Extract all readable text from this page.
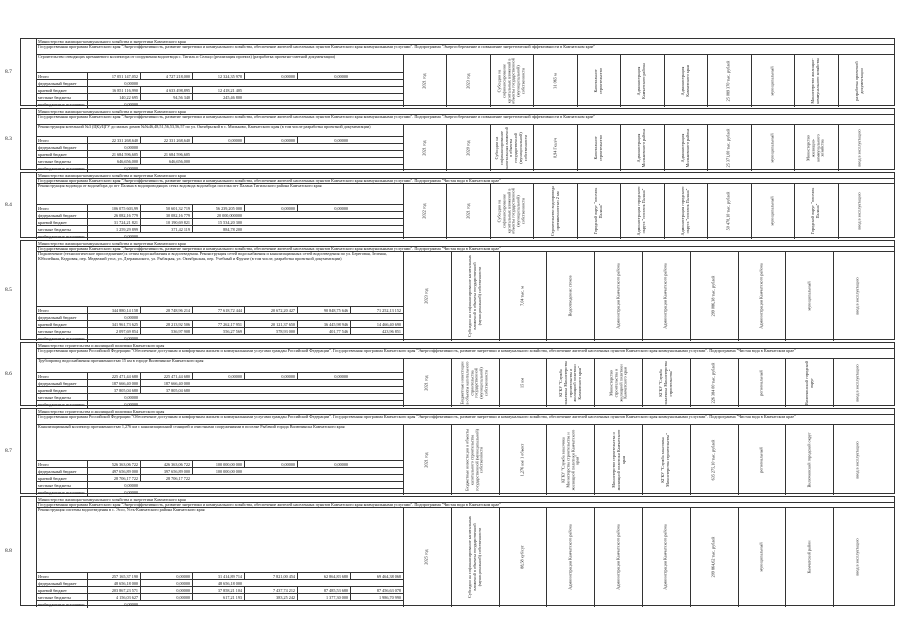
8.7
Министерство жилищно-коммунального хозяйства и энергетики Камчатского края
Государственная программа Камчатского края "Энергоэффективность, развитие энергетики и коммунального хозяйства, обеспечение жителей населенных пунктов Камчатского края коммунальными услугами". Подпрограмма "Энергосбережение и повышение энергетической эффективности в Камчатском крае"
Строительство отводящих кремниевого коллектора от сооружения водоотвода с. Тигиль и Сельцо (реализация проекта) (разработка проектно-сметной документации)
Итого	17 051 147,052	4 727 218,000	12 324,35 978	0,00000	0,00000
федеральный бюджет	0,00000
краевой бюджет	16 851 116,990	4 633 498,895	12 418,21 405
местные бюджеты	140,22 695	94,56 340	245,46 800
внебюджетные источники	0,00000
2021 год	2023 год	Субсидии на софинансирование капитальных вложений в объекты государственной (муниципальной) собственности	31 065 м	Капитальное строительство	Администрация Камчатского района	Администрация Камчатского края	25 089 370 тыс. рублей	муниципальный	Министерство жилищно-коммунального хозяйства	разработка проектной документации
8.3
Министерство жилищно-коммунального хозяйства и энергетики Камчатского края
Государственная программа Камчатского края "Энергоэффективность, развитие энергетики и коммунального хозяйства, обеспечение жителей населенных пунктов Камчатского края коммунальными услугами". Подпрограмма "Энергосбережение и повышение энергетической эффективности в Камчатском крае"
Реконструкция котельной №3 (ЦК)/ЦГУ до малых домов №№46,48,51,56,53,56,57 по ул. Октябрьской в с. Мильково, Камчатского края (в том числе разработка проектной документации)
Итого	22 331 268,640	22 331 268,640	0,00000	0,00000	0,00000
федеральный бюджет	0,00000
краевой бюджет	21 684 596,605	21 684 596,605
местные бюджеты	646,656,000	646,656,000
внебюджетные источники	0,00000
2021 год	2020 год	Субсидии на софинансирование капитальных вложений в объекты государственной (муниципальной) собственности	0,94 Гкал/ч	Капитальное строительство	Администрация Мильковского района	Администрация Мильковского района	25 371,00 тыс. рублей	муниципальный	Министерство жилищно-коммунального хозяйства	ввод в эксплуатацию
8.4
Министерство жилищно-коммунального хозяйства и энергетики Камчатского края
Государственная программа Камчатского края "Энергоэффективность, развитие энергетики и коммунального хозяйства, обеспечение жителей населенных пунктов Камчатского края коммунальными услугами". Подпрограмма "Чистая вода в Камчатском крае"
Реконструкция водовода от водозабора до пгт Палана в водопроводящих сетях водовода водозабора поселка пгт Палана Тигильского района Камчатского края
Итого	106 075 603,99	50 601,32 719	56 239,205 000	0,00000	0,00000
федеральный бюджет	26 082,16 779	30 082,16 779	20 000,000000
краевой бюджет	31 724,21 821	10 190,69 821	15 534,20 300
местные бюджеты	1 259,29 899	371,42 119	884,78 200
внебюджетные источники	0,00000
2022 год	2021 год	Субсидии на софинансирование капитальных вложений в объекты государственной (муниципальной) собственности	Строительство водопровода протяженностью 2 км	Городской округ "поселок Палана"	Администрация городского округа "поселок Палана"	Администрация городского округа "поселок Палана"	50 470,10 тыс. рублей	муниципальный	Городской округ "поселок Палана"	ввод в эксплуатацию
8.5
Министерство жилищно-коммунального хозяйства и энергетики Камчатского края
Государственная программа Камчатского края "Энергоэффективность, развитие энергетики и коммунального хозяйства, обеспечение жителей населенных пунктов Камчатского края коммунальными услугами". Подпрограмма "Чистая вода в Камчатском крае"
Подключение (технологическое присоединение) к сетям водоснабжения и водоотведения. Реконструкция сетей водоснабжения и канализационных сетей водоотведения по ул. Береговая, Зеленая, Юбилейная, Кедровая, пер. Медвежий угол, ул. Дзержинского, ул. Рыбацкая, ул. Октябрьская, пер. Учебный и Фрунзе (в том числе, разработка проектной документации)
Итого	344 880,14 158	28 748,96 214	77 618,72 444	20 672,20 427	90 848,75 646	71 252,13 152
федеральный бюджет	0,00000
краевой бюджет	341 961,73 625	28 213,92 506	77 262,17 951	20 121,37 650	36 445,98 946	14 466,40 690
местные бюджеты	2 097,69 854	536,97 908	556,27 569	578,93 000	401,77 546	423,96 851
внебюджетные источники	0,00000
2023 год	Субсидии на софинансирование капитальных вложений в объекты государственной (муниципальной) собственности	7,04 тыс. м	Водоотведения: стоков	Администрация Камчатского района	Администрация Камчатского района	299 086,38 тыс. рублей	Администрация Камчатского района	муниципальный	ввод в эксплуатацию
8.6
Министерство строительства и жилищной политики Камчатского края
Государственная программа Российской Федерации "Обеспечение доступным и комфортным жильем и коммунальными услугами граждан Российской Федерации". Государственная программа Камчатского края "Энергоэффективность, развитие энергетики и коммунального хозяйства, обеспечение жителей населенных пунктов Камчатского края коммунальными услугами". Подпрограмма "Чистая вода в Камчатском крае"
Трубопровод водоснабжения протяженностью 15 км в городе Вилючинске Камчатского края
Итого	225 471,44 680	225 471,44 680	0,00000	0,00000	0,00000
федеральный бюджет	187 666,40 000	187 666,40 000
краевой бюджет	37 805,04 680	37 805,04 680
местные бюджеты	0,00000
внебюджетные источники	0,00000
2021 год	Бюджетные инвестиции в объекты капитального строительства государственной (муниципальной) собственности	15 км	КГКУ "Служба заказчика Министерства строительства и жилищной политики Камчатского края"	Министерство строительства и жилищной политики Камчатского края	КГКУ "Служба заказчика Министерства строительства"	226 384 00 тыс. рублей	региональный	Вилючинский городской округ	ввод в эксплуатацию
8.7
Министерство строительства и жилищной политики Камчатского края
Государственная программа Российской Федерации "Обеспечение доступным и комфортным жильем и коммунальными услугами граждан Российской Федерации". Государственная программа Камчатского края "Энергоэффективность, развитие энергетики и коммунального хозяйства, обеспечение жителей населенных пунктов Камчатского края коммунальными услугами". Подпрограмма "Чистая вода в Камчатском крае"
Канализационный коллектор протяженностью 1,276 км с канализационной станцией и очистными сооружениями в поселке Рыбачий города Вилючинска Камчатского края
Итого	526 363,06 722	426 363,06 722	100 000,00 000	0,00000	0,00000
федеральный бюджет	497 656,89 000	397 656,89 000	100 000,00 000
краевой бюджет	28 706,17 722	28 706,17 722
местные бюджеты	0,00000
внебюджетные источники	0,00000
2021 год	Бюджетные инвестиции в объекты капитального строительства государственной (муниципальной) собственности	1,276 км/ 1 объект	КГКУ "Служба заказчика Министерства строительства и жилищной политики Камчатского края"	Министерство строительства и жилищной политики Камчатского края	КГКУ "Служба заказчика Министерства строительства"	635 275,10 тыс. рублей	региональный	Вилючинский городской округ	ввод в эксплуатацию
8.8
Министерство жилищно-коммунального хозяйства и энергетики Камчатского края
Государственная программа Камчатского края "Энергоэффективность, развитие энергетики и коммунального хозяйства, обеспечение жителей населенных пунктов Камчатского края коммунальными услугами". Подпрограмма "Чистая вода в Камчатском крае"
Реконструкция системы водоотведения в с. Эссо, Усть-Камчатского района Камчатского края
Итого	257 165,37 190	0,00000	31 414,89 714	7 821,00 454	62 864,83 680	69 464,38 068
федеральный бюджет	48 656,18 000	0,00000	48 656,18 000
краевой бюджет	203 867,23 571	0,00000	37 858,21 104	7 437,74 212	87 485,53 680	87 456,63 078
местные бюджеты	4 156,03 627	0,00000	617,21 193	383,25 242	1 377,30 000	1 986,70 990
внебюджетные источники	0,00000
2025 год	Субсидии на софинансирование капитальных вложений в объекты государственной (муниципальной) собственности	88,58 куб/сут	Администрация Камчатского района	Администрация Камчатского района	Администрация Камчатского района	209 864,62 тыс. рублей	муниципальный	Камчатский район	ввод в эксплуатацию
